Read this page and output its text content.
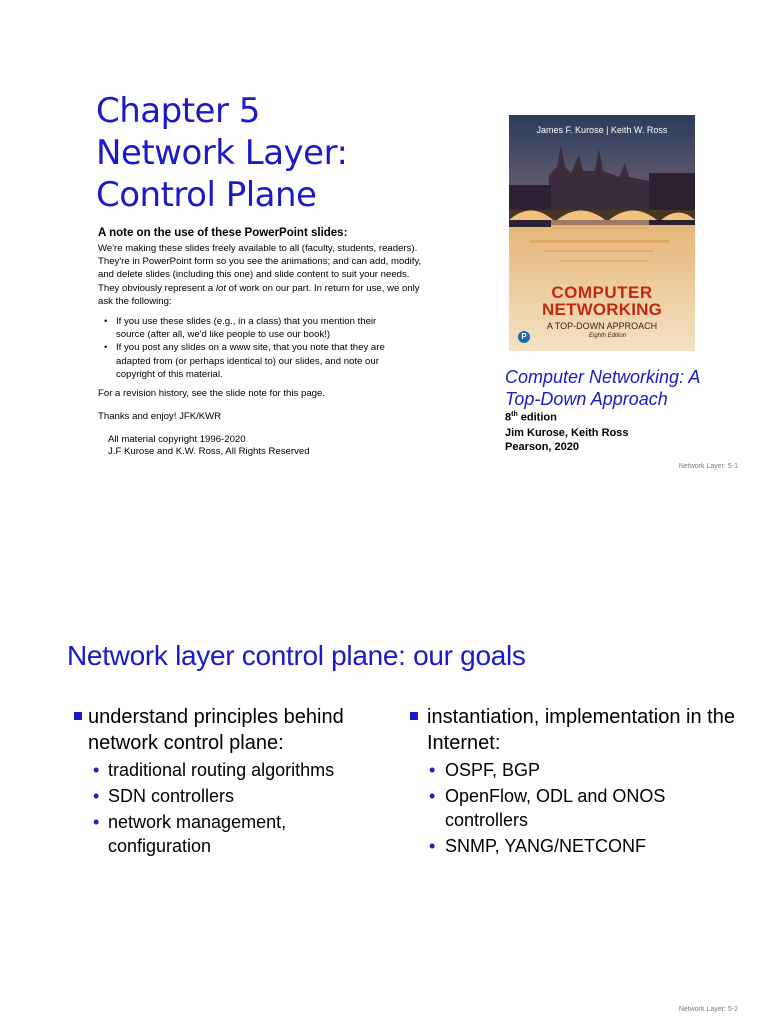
Chapter 5
Network Layer:
Control Plane
A note on the use of these PowerPoint slides:
We're making these slides freely available to all (faculty, students, readers). They're in PowerPoint form so you see the animations; and can add, modify, and delete slides (including this one) and slide content to suit your needs. They obviously represent a lot of work on our part. In return for use, we only ask the following:
• If you use these slides (e.g., in a class) that you mention their source (after all, we'd like people to use our book!)
• If you post any slides on a www site, that you note that they are adapted from (or perhaps identical to) our slides, and note our copyright of this material.
For a revision history, see the slide note for this page.
Thanks and enjoy! JFK/KWR
All material copyright 1996-2020
J.F Kurose and K.W. Ross, All Rights Reserved
James F. Kurose | Keith W. Ross
COMPUTER
NETWORKING
A TOP-DOWN APPROACH
Eighth Edition
P
Computer Networking: A
Top-Down Approach
8th edition
Jim Kurose, Keith Ross
Pearson, 2020
Network Layer: 5-1
Network layer control plane: our goals
understand principles behind network control plane:
• traditional routing algorithms
• SDN controllers
• network management, configuration
instantiation, implementation in the Internet:
• OSPF, BGP
• OpenFlow, ODL and ONOS controllers
• SNMP, YANG/NETCONF
Network Layer: 5-2
